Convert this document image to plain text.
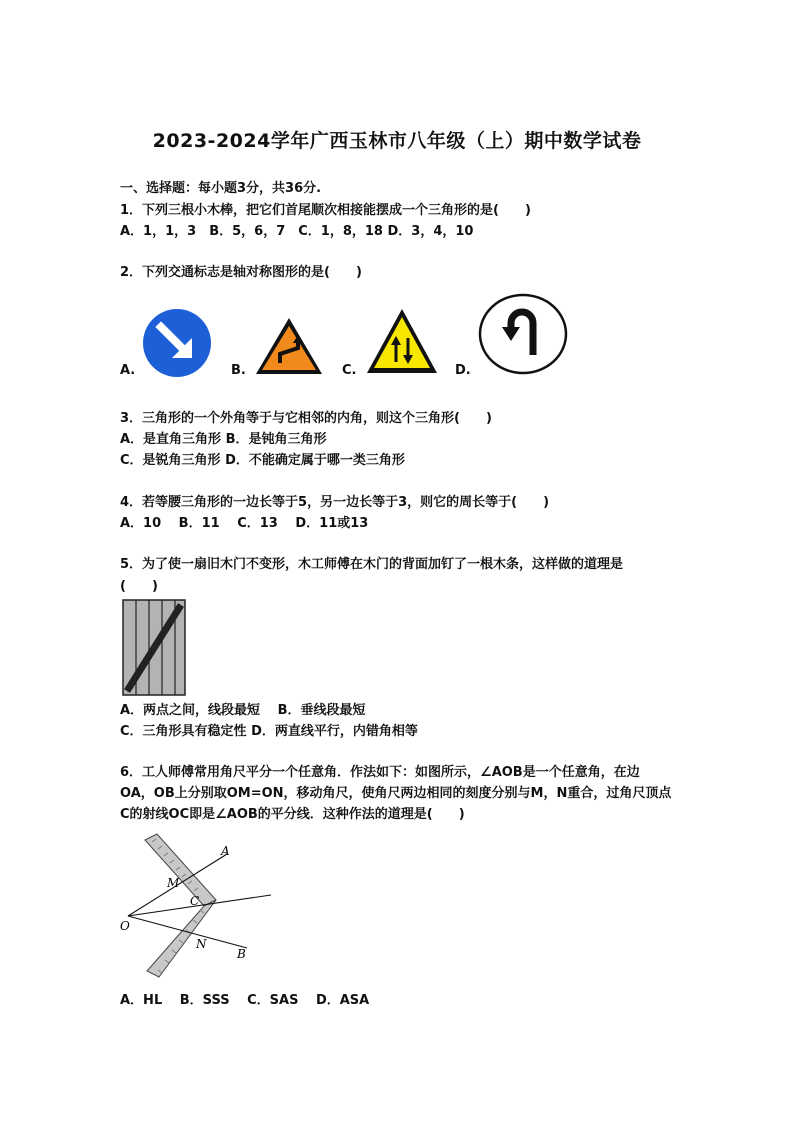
2023-2024学年广西玉林市八年级（上）期中数学试卷
一、选择题：每小题3分，共36分.
1．下列三根小木棒，把它们首尾顺次相接能摆成一个三角形的是(　　)
A．1，1，3　B．5，6，7　C．1，8，18 D．3，4，10
2．下列交通标志是轴对称图形的是(　　)
A.	B.	C.	D.
3．三角形的一个外角等于与它相邻的内角，则这个三角形(　　)
A．是直角三角形 B．是钝角三角形
C．是锐角三角形 D．不能确定属于哪一类三角形
4．若等腰三角形的一边长等于5，另一边长等于3，则它的周长等于(　　)
A．10　 B．11　 C．13　 D．11或13
5．为了使一扇旧木门不变形，木工师傅在木门的背面加钉了一根木条，这样做的道理是
(　　)
A．两点之间，线段最短　 B．垂线段最短
C．三角形具有稳定性 D．两直线平行，内错角相等
6．工人师傅常用角尺平分一个任意角．作法如下：如图所示，∠AOB是一个任意角，在边
OA，OB上分别取OM=ON，移动角尺，使角尺两边相同的刻度分别与M，N重合，过角尺顶点
C的射线OC即是∠AOB的平分线．这种作法的道理是(　　)
A
M
C
O
N
B
A．HL　 B．SSS　 C．SAS　 D．ASA
